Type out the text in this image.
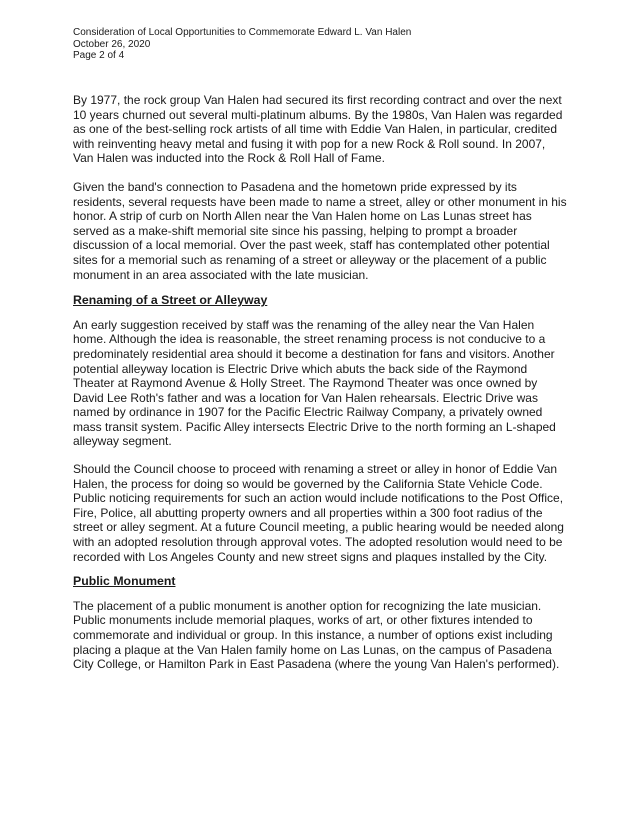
Consideration of Local Opportunities to Commemorate Edward L. Van Halen
October 26, 2020
Page 2 of 4

By 1977, the rock group Van Halen had secured its first recording contract and over the next 10 years churned out several multi-platinum albums. By the 1980s, Van Halen was regarded as one of the best-selling rock artists of all time with Eddie Van Halen, in particular, credited with reinventing heavy metal and fusing it with pop for a new Rock & Roll sound. In 2007, Van Halen was inducted into the Rock & Roll Hall of Fame.

Given the band's connection to Pasadena and the hometown pride expressed by its residents, several requests have been made to name a street, alley or other monument in his honor. A strip of curb on North Allen near the Van Halen home on Las Lunas street has served as a make-shift memorial site since his passing, helping to prompt a broader discussion of a local memorial. Over the past week, staff has contemplated other potential sites for a memorial such as renaming of a street or alleyway or the placement of a public monument in an area associated with the late musician.

Renaming of a Street or Alleyway

An early suggestion received by staff was the renaming of the alley near the Van Halen home. Although the idea is reasonable, the street renaming process is not conducive to a predominately residential area should it become a destination for fans and visitors. Another potential alleyway location is Electric Drive which abuts the back side of the Raymond Theater at Raymond Avenue & Holly Street. The Raymond Theater was once owned by David Lee Roth's father and was a location for Van Halen rehearsals. Electric Drive was named by ordinance in 1907 for the Pacific Electric Railway Company, a privately owned mass transit system. Pacific Alley intersects Electric Drive to the north forming an L-shaped alleyway segment.

Should the Council choose to proceed with renaming a street or alley in honor of Eddie Van Halen, the process for doing so would be governed by the California State Vehicle Code. Public noticing requirements for such an action would include notifications to the Post Office, Fire, Police, all abutting property owners and all properties within a 300 foot radius of the street or alley segment. At a future Council meeting, a public hearing would be needed along with an adopted resolution through approval votes. The adopted resolution would need to be recorded with Los Angeles County and new street signs and plaques installed by the City.

Public Monument

The placement of a public monument is another option for recognizing the late musician. Public monuments include memorial plaques, works of art, or other fixtures intended to commemorate and individual or group. In this instance, a number of options exist including placing a plaque at the Van Halen family home on Las Lunas, on the campus of Pasadena City College, or Hamilton Park in East Pasadena (where the young Van Halen's performed).
